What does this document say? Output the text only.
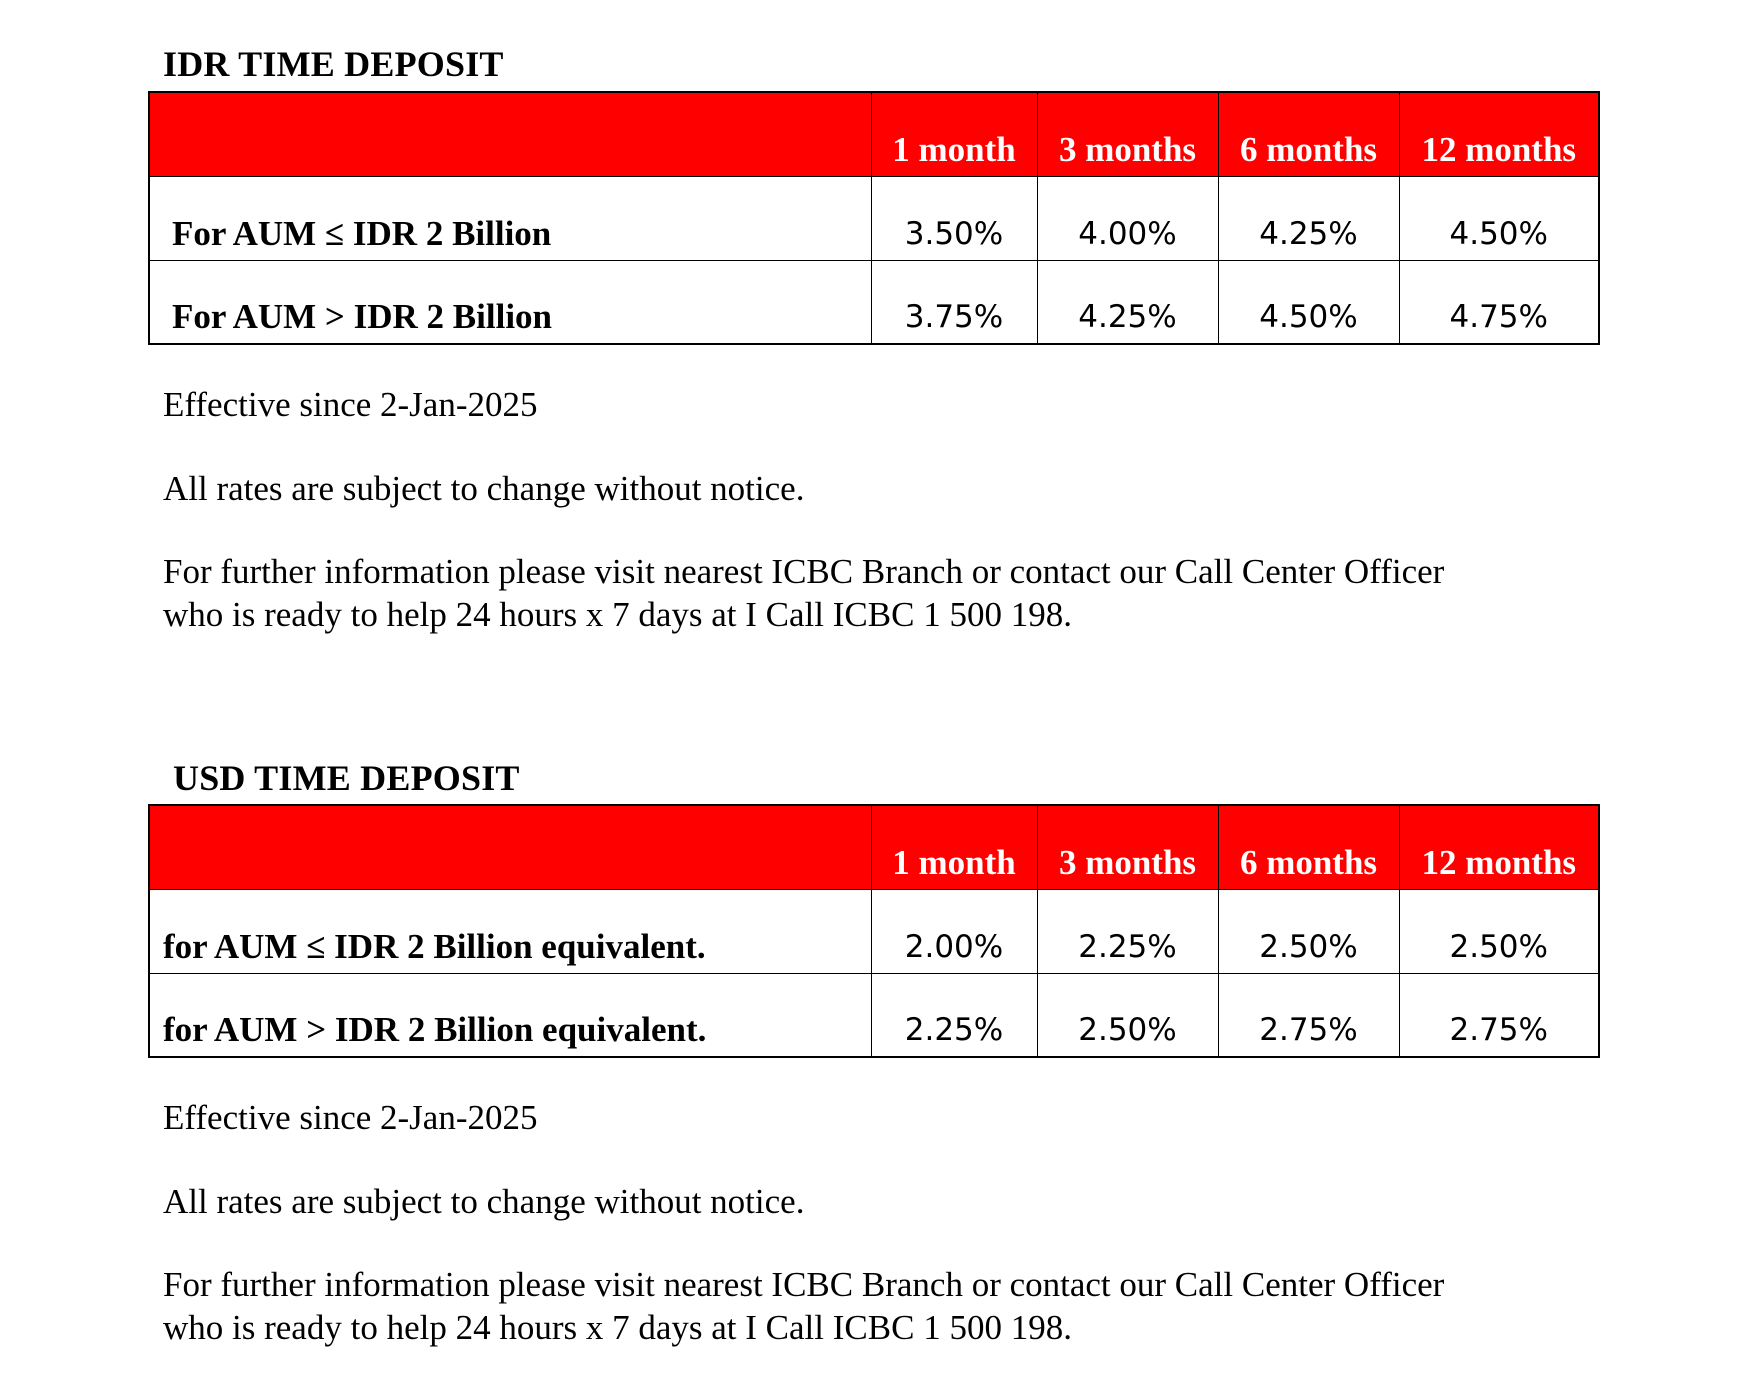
IDR TIME DEPOSIT
	1 month	3 months	6 months	12 months
For AUM ≤ IDR 2 Billion	3.50%	4.00%	4.25%	4.50%
For AUM > IDR 2 Billion	3.75%	4.25%	4.50%	4.75%
Effective since 2-Jan-2025
All rates are subject to change without notice.
For further information please visit nearest ICBC Branch or contact our Call Center Officer
who is ready to help 24 hours x 7 days at I Call ICBC 1 500 198.
USD TIME DEPOSIT
	1 month	3 months	6 months	12 months
for AUM ≤ IDR 2 Billion equivalent.	2.00%	2.25%	2.50%	2.50%
for AUM > IDR 2 Billion equivalent.	2.25%	2.50%	2.75%	2.75%
Effective since 2-Jan-2025
All rates are subject to change without notice.
For further information please visit nearest ICBC Branch or contact our Call Center Officer
who is ready to help 24 hours x 7 days at I Call ICBC 1 500 198.
